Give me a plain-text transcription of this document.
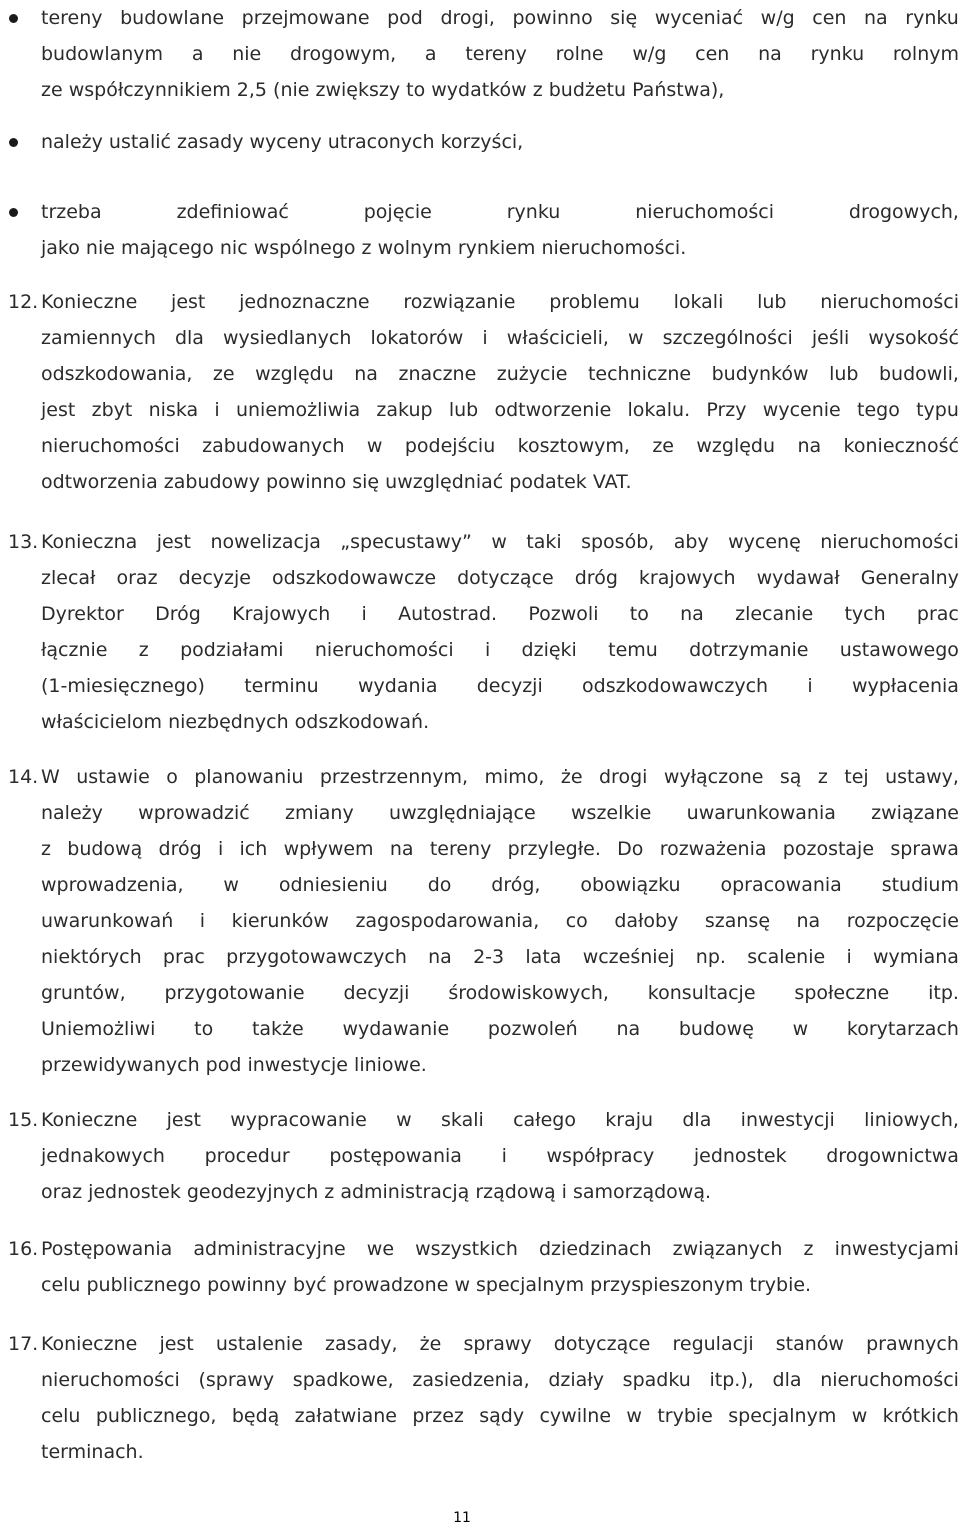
tereny budowlane przejmowane pod drogi, powinno się wyceniać w/g cen na rynku
budowlanym a nie drogowym, a tereny rolne w/g cen na rynku rolnym
ze współczynnikiem 2,5 (nie zwiększy to wydatków z budżetu Państwa),
należy ustalić zasady wyceny utraconych korzyści,
trzeba	zdefiniować	pojęcie	rynku	nieruchomości	drogowych,
jako nie mającego nic wspólnego z wolnym rynkiem nieruchomości.
12. Konieczne jest jednoznaczne rozwiązanie problemu lokali lub nieruchomości
zamiennych dla wysiedlanych lokatorów i właścicieli, w szczególności jeśli wysokość
odszkodowania, ze względu na znaczne zużycie techniczne budynków lub budowli,
jest zbyt niska i uniemożliwia zakup lub odtworzenie lokalu. Przy wycenie tego typu
nieruchomości zabudowanych w podejściu kosztowym, ze względu na konieczność
odtworzenia zabudowy powinno się uwzględniać podatek VAT.
13. Konieczna jest nowelizacja „specustawy” w taki sposób, aby wycenę nieruchomości
zlecał oraz decyzje odszkodowawcze dotyczące dróg krajowych wydawał Generalny
Dyrektor Dróg Krajowych i Autostrad. Pozwoli to na zlecanie tych prac
łącznie z podziałami nieruchomości i dzięki temu dotrzymanie ustawowego
(1-miesięcznego) terminu wydania decyzji odszkodowawczych i wypłacenia
właścicielom niezbędnych odszkodowań.
14. W ustawie o planowaniu przestrzennym, mimo, że drogi wyłączone są z tej ustawy,
należy wprowadzić zmiany uwzględniające wszelkie uwarunkowania związane
z budową dróg i ich wpływem na tereny przyległe. Do rozważenia pozostaje sprawa
wprowadzenia, w odniesieniu do dróg, obowiązku opracowania studium
uwarunkowań i kierunków zagospodarowania, co dałoby szansę na rozpoczęcie
niektórych prac przygotowawczych na 2-3 lata wcześniej np. scalenie i wymiana
gruntów, przygotowanie decyzji środowiskowych, konsultacje społeczne itp.
Uniemożliwi to także wydawanie pozwoleń na budowę w korytarzach
przewidywanych pod inwestycje liniowe.
15. Konieczne jest wypracowanie w skali całego kraju dla inwestycji liniowych,
jednakowych procedur postępowania i współpracy jednostek drogownictwa
oraz jednostek geodezyjnych z administracją rządową i samorządową.
16. Postępowania administracyjne we wszystkich dziedzinach związanych z inwestycjami
celu publicznego powinny być prowadzone w specjalnym przyspieszonym trybie.
17. Konieczne jest ustalenie zasady, że sprawy dotyczące regulacji stanów prawnych
nieruchomości (sprawy spadkowe, zasiedzenia, działy spadku itp.), dla nieruchomości
celu publicznego, będą załatwiane przez sądy cywilne w trybie specjalnym w krótkich
terminach.
11
